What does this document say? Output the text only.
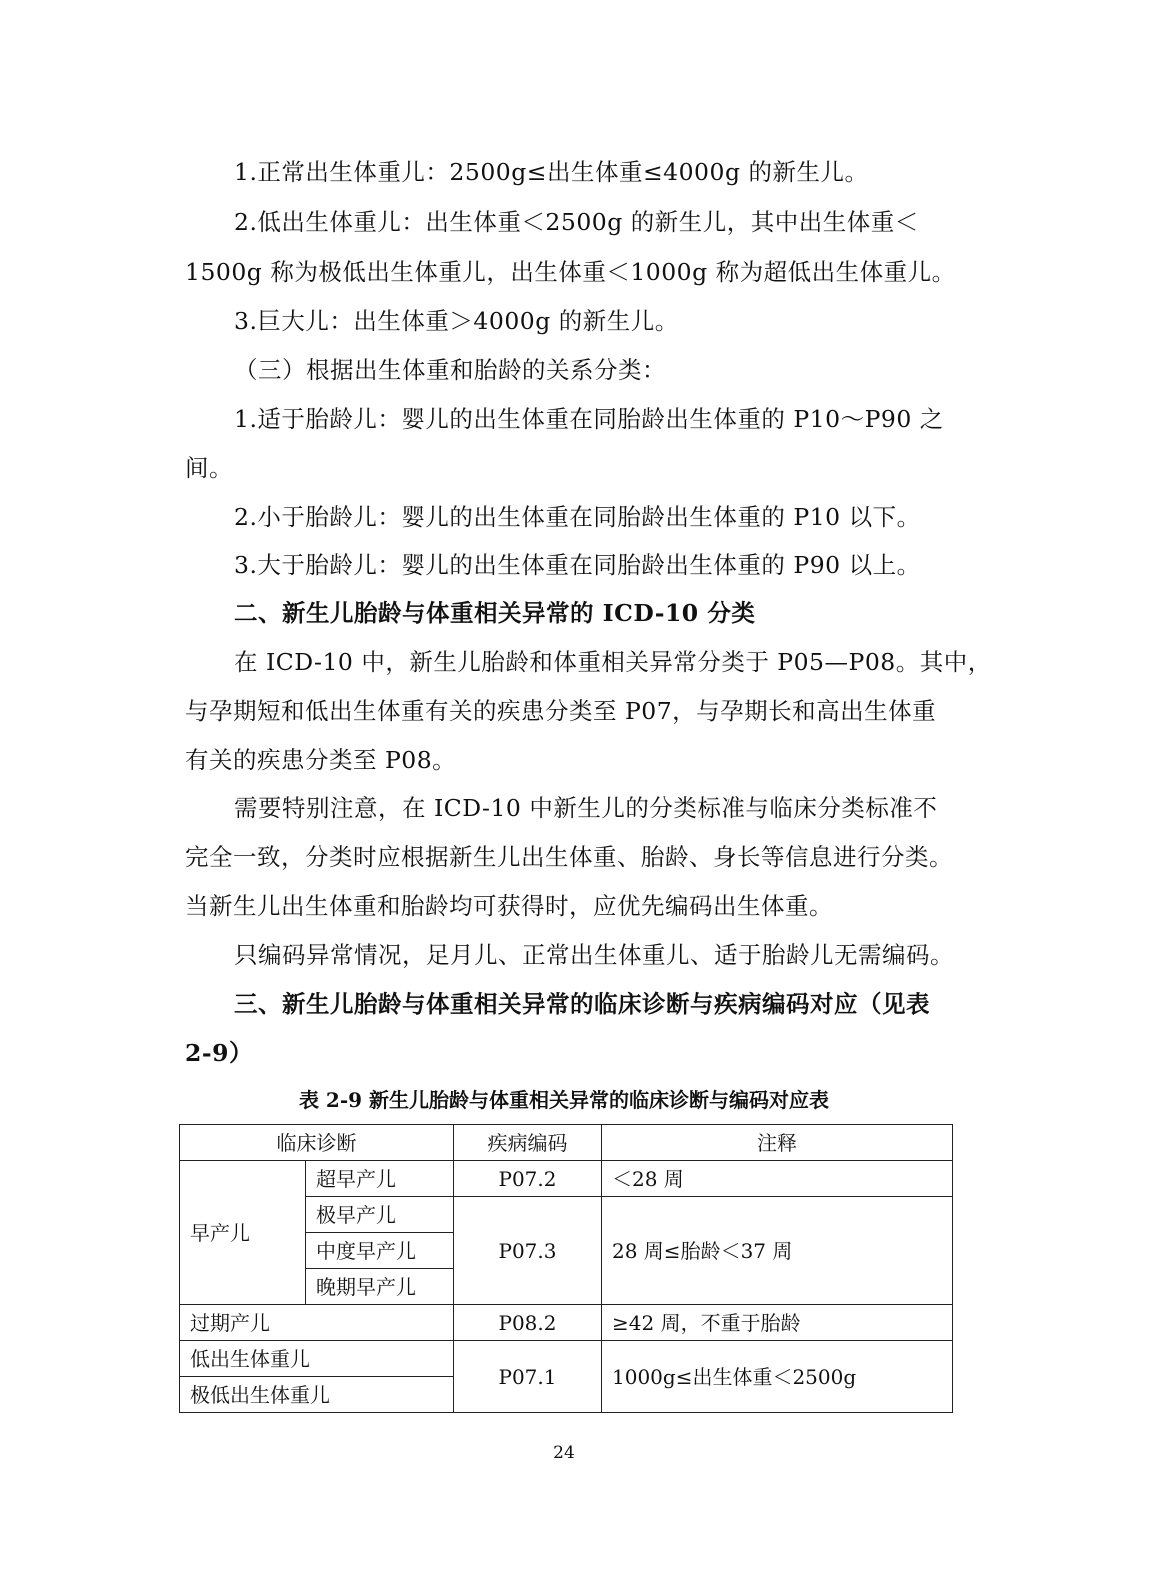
1.正常出生体重儿：2500g≤出生体重≤4000g 的新生儿。
2.低出生体重儿：出生体重＜2500g 的新生儿，其中出生体重＜
1500g 称为极低出生体重儿，出生体重＜1000g 称为超低出生体重儿。
3.巨大儿：出生体重＞4000g 的新生儿。
（三）根据出生体重和胎龄的关系分类：
1.适于胎龄儿：婴儿的出生体重在同胎龄出生体重的 P10～P90 之
间。
2.小于胎龄儿：婴儿的出生体重在同胎龄出生体重的 P10 以下。
3.大于胎龄儿：婴儿的出生体重在同胎龄出生体重的 P90 以上。
二、新生儿胎龄与体重相关异常的 ICD-10 分类
在 ICD-10 中，新生儿胎龄和体重相关异常分类于 P05—P08。其中，
与孕期短和低出生体重有关的疾患分类至 P07，与孕期长和高出生体重
有关的疾患分类至 P08。
需要特别注意，在 ICD-10 中新生儿的分类标准与临床分类标准不
完全一致，分类时应根据新生儿出生体重、胎龄、身长等信息进行分类。
当新生儿出生体重和胎龄均可获得时，应优先编码出生体重。
只编码异常情况，足月儿、正常出生体重儿、适于胎龄儿无需编码。
三、新生儿胎龄与体重相关异常的临床诊断与疾病编码对应（见表
2-9）
表 2-9 新生儿胎龄与体重相关异常的临床诊断与编码对应表
临床诊断		疾病编码	注释
早产儿	超早产儿	P07.2	＜28 周
	极早产儿	P07.3	28 周≤胎龄＜37 周
	中度早产儿		
	晚期早产儿		
过期产儿		P08.2	≥42 周，不重于胎龄
低出生体重儿		P07.1	1000g≤出生体重＜2500g
极低出生体重儿			
24
